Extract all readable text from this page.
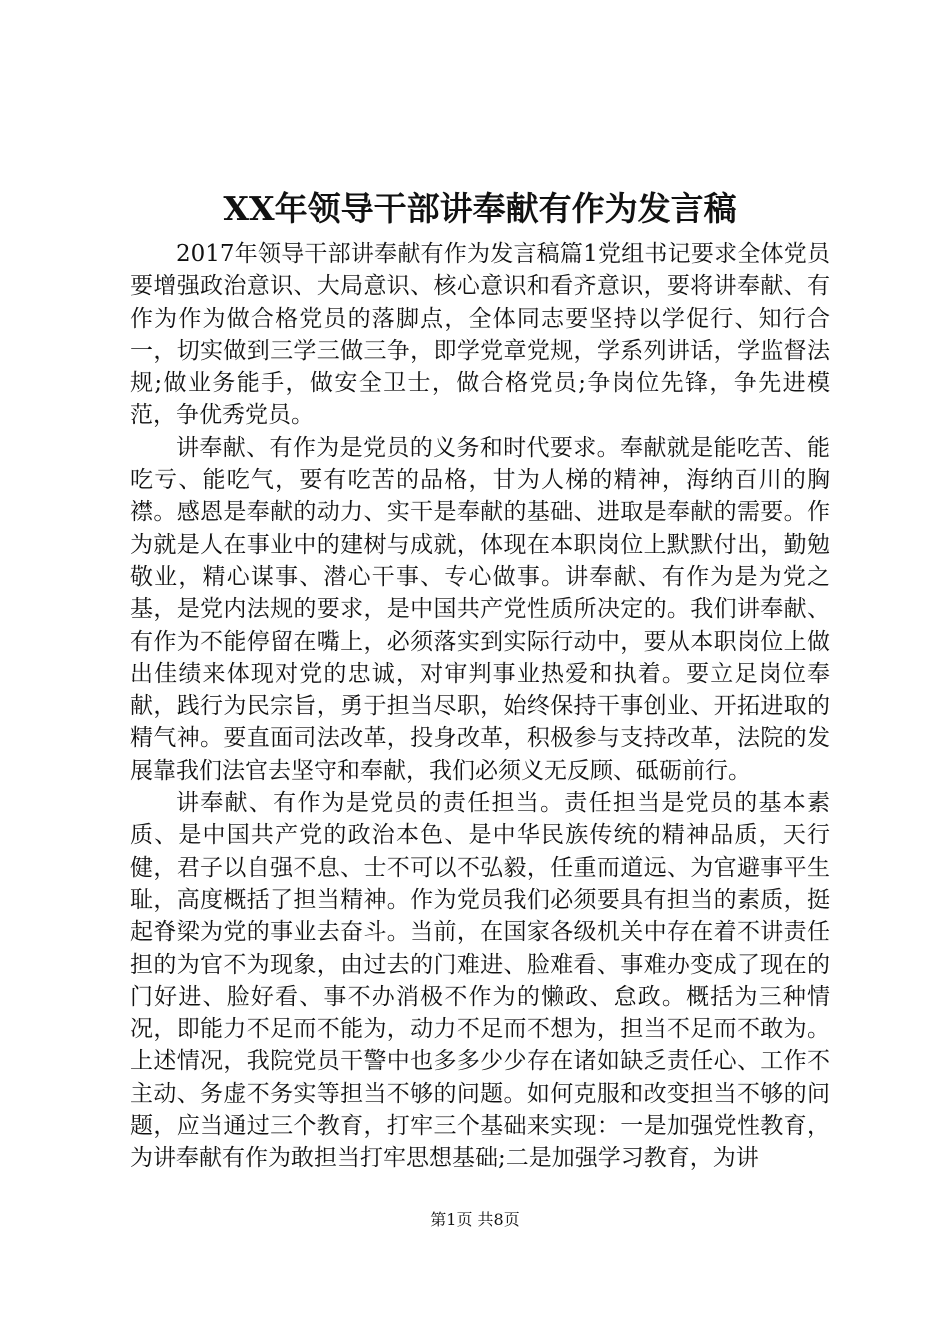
XX年领导干部讲奉献有作为发言稿

2017年领导干部讲奉献有作为发言稿篇1党组书记要求全体党员要增强政治意识、大局意识、核心意识和看齐意识，要将讲奉献、有作为作为做合格党员的落脚点，全体同志要坚持以学促行、知行合一，切实做到三学三做三争，即学党章党规，学系列讲话，学监督法规;做业务能手，做安全卫士，做合格党员;争岗位先锋，争先进模范，争优秀党员。

讲奉献、有作为是党员的义务和时代要求。奉献就是能吃苦、能吃亏、能吃气，要有吃苦的品格，甘为人梯的精神，海纳百川的胸襟。感恩是奉献的动力、实干是奉献的基础、进取是奉献的需要。作为就是人在事业中的建树与成就，体现在本职岗位上默默付出，勤勉敬业，精心谋事、潜心干事、专心做事。讲奉献、有作为是为党之基，是党内法规的要求，是中国共产党性质所决定的。我们讲奉献、有作为不能停留在嘴上，必须落实到实际行动中，要从本职岗位上做出佳绩来体现对党的忠诚，对审判事业热爱和执着。要立足岗位奉献，践行为民宗旨，勇于担当尽职，始终保持干事创业、开拓进取的精气神。要直面司法改革，投身改革，积极参与支持改革，法院的发展靠我们法官去坚守和奉献，我们必须义无反顾、砥砺前行。

讲奉献、有作为是党员的责任担当。责任担当是党员的基本素质、是中国共产党的政治本色、是中华民族传统的精神品质，天行健，君子以自强不息、士不可以不弘毅，任重而道远、为官避事平生耻，高度概括了担当精神。作为党员我们必须要具有担当的素质，挺起脊梁为党的事业去奋斗。当前，在国家各级机关中存在着不讲责任担的为官不为现象，由过去的门难进、脸难看、事难办变成了现在的门好进、脸好看、事不办消极不作为的懒政、怠政。概括为三种情况，即能力不足而不能为，动力不足而不想为，担当不足而不敢为。上述情况，我院党员干警中也多多少少存在诸如缺乏责任心、工作不主动、务虚不务实等担当不够的问题。如何克服和改变担当不够的问题，应当通过三个教育，打牢三个基础来实现：一是加强党性教育，为讲奉献有作为敢担当打牢思想基础;二是加强学习教育，为讲

第1页 共8页
